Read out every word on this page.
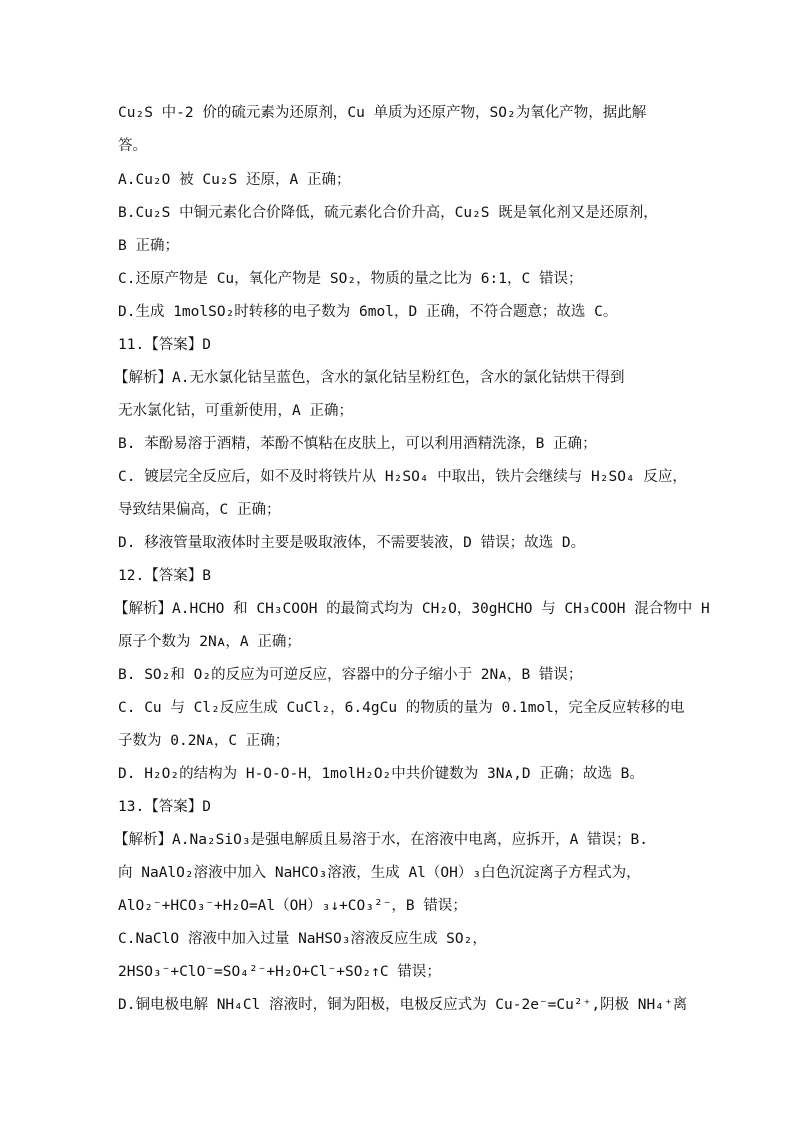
Cu₂S 中-2 价的硫元素为还原剂，Cu 单质为还原产物，SO₂为氧化产物，据此解
答。
A.Cu₂O 被 Cu₂S 还原，A 正确；
B.Cu₂S 中铜元素化合价降低，硫元素化合价升高，Cu₂S 既是氧化剂又是还原剂，
B 正确；
C.还原产物是 Cu，氧化产物是 SO₂，物质的量之比为 6:1，C 错误；
D.生成 1molSO₂时转移的电子数为 6mol，D 正确，不符合题意；故选 C。
11.【答案】D
【解析】A.无水氯化钴呈蓝色，含水的氯化钴呈粉红色，含水的氯化钴烘干得到
无水氯化钴，可重新使用，A 正确；
B. 苯酚易溶于酒精，苯酚不慎粘在皮肤上，可以利用酒精洗涤，B 正确；
C. 镀层完全反应后，如不及时将铁片从 H₂SO₄ 中取出，铁片会继续与 H₂SO₄ 反应，
导致结果偏高，C 正确；
D. 移液管量取液体时主要是吸取液体，不需要装液，D 错误；故选 D。
12.【答案】B
【解析】A.HCHO 和 CH₃COOH 的最简式均为 CH₂O，30gHCHO 与 CH₃COOH 混合物中 H
原子个数为 2Nᴀ，A 正确；
B. SO₂和 O₂的反应为可逆反应，容器中的分子缩小于 2Nᴀ，B 错误；
C. Cu 与 Cl₂反应生成 CuCl₂，6.4gCu 的物质的量为 0.1mol，完全反应转移的电
子数为 0.2Nᴀ，C 正确；
D. H₂O₂的结构为 H-O-O-H，1molH₂O₂中共价键数为 3Nᴀ,D 正确；故选 B。
13.【答案】D
【解析】A.Na₂SiO₃是强电解质且易溶于水，在溶液中电离，应拆开，A 错误；B.
向 NaAlO₂溶液中加入 NaHCO₃溶液，生成 Al（OH）₃白色沉淀离子方程式为，
AlO₂⁻+HCO₃⁻+H₂O=Al（OH）₃↓+CO₃²⁻，B 错误；
C.NaClO 溶液中加入过量 NaHSO₃溶液反应生成 SO₂，
2HSO₃⁻+ClO⁻=SO₄²⁻+H₂O+Cl⁻+SO₂↑C 错误；
D.铜电极电解 NH₄Cl 溶液时，铜为阳极，电极反应式为 Cu-2e⁻=Cu²⁺,阴极 NH₄⁺离
